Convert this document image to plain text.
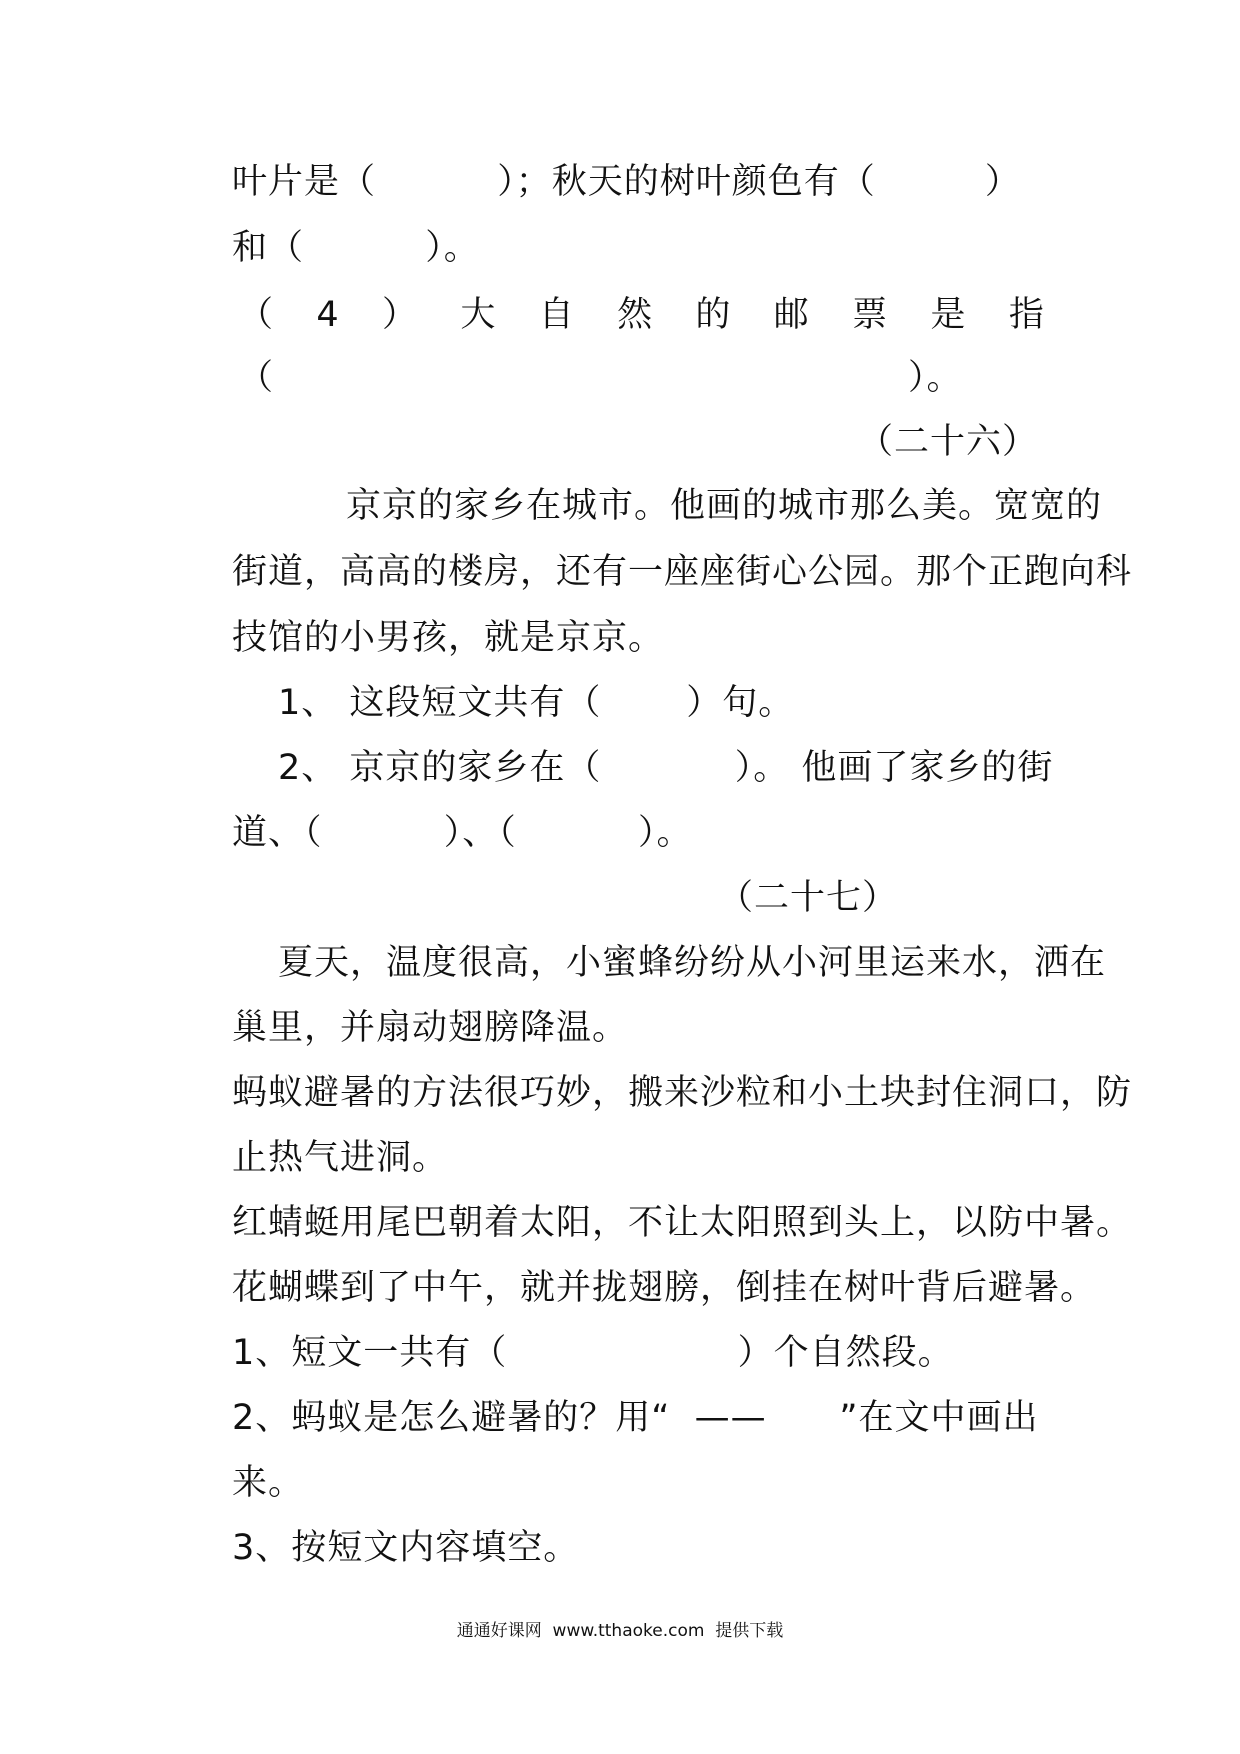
叶片是（          ）；秋天的树叶颜色有（         ）
和（          ）。
（ 4 ） 大 自 然 的 邮 票 是 指
（	）。
（二十六）
京京的家乡在城市。他画的城市那么美。宽宽的
街道，高高的楼房，还有一座座街心公园。那个正跑向科
技馆的小男孩，就是京京。
1、 这段短文共有（       ）句。
2、 京京的家乡在（           ）。 他画了家乡的街
道、（          ）、（          ）。
（二十七）
夏天，温度很高，小蜜蜂纷纷从小河里运来水，洒在
巢里，并扇动翅膀降温。
蚂蚁避暑的方法很巧妙，搬来沙粒和小土块封住洞口，防
止热气进洞。
红蜻蜓用尾巴朝着太阳，不让太阳照到头上，以防中暑。
花蝴蝶到了中午，就并拢翅膀，倒挂在树叶背后避暑。
1、短文一共有（                   ）个自然段。
2、蚂蚁是怎么避暑的？用“  ——      ”在文中画出
来。
3、按短文内容填空。
通通好课网  www.tthaoke.com  提供下载
